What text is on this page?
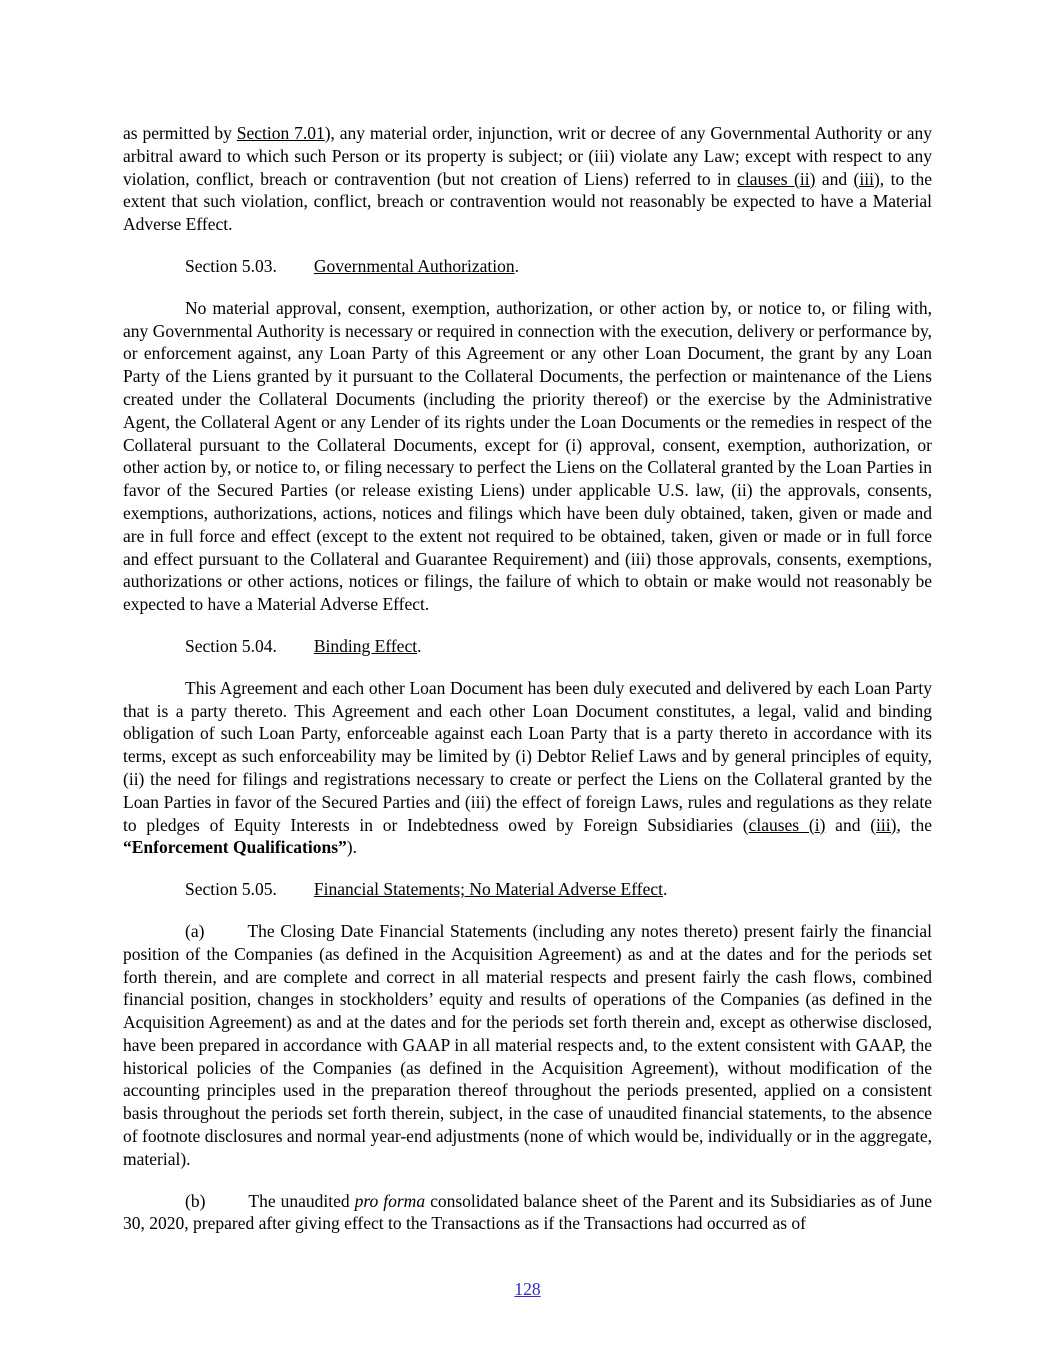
as permitted by Section 7.01), any material order, injunction, writ or decree of any Governmental Authority or any arbitral award to which such Person or its property is subject; or (iii) violate any Law; except with respect to any violation, conflict, breach or contravention (but not creation of Liens) referred to in clauses (ii) and (iii), to the extent that such violation, conflict, breach or contravention would not reasonably be expected to have a Material Adverse Effect.

Section 5.03. Governmental Authorization.

No material approval, consent, exemption, authorization, or other action by, or notice to, or filing with, any Governmental Authority is necessary or required in connection with the execution, delivery or performance by, or enforcement against, any Loan Party of this Agreement or any other Loan Document, the grant by any Loan Party of the Liens granted by it pursuant to the Collateral Documents, the perfection or maintenance of the Liens created under the Collateral Documents (including the priority thereof) or the exercise by the Administrative Agent, the Collateral Agent or any Lender of its rights under the Loan Documents or the remedies in respect of the Collateral pursuant to the Collateral Documents, except for (i) approval, consent, exemption, authorization, or other action by, or notice to, or filing necessary to perfect the Liens on the Collateral granted by the Loan Parties in favor of the Secured Parties (or release existing Liens) under applicable U.S. law, (ii) the approvals, consents, exemptions, authorizations, actions, notices and filings which have been duly obtained, taken, given or made and are in full force and effect (except to the extent not required to be obtained, taken, given or made or in full force and effect pursuant to the Collateral and Guarantee Requirement) and (iii) those approvals, consents, exemptions, authorizations or other actions, notices or filings, the failure of which to obtain or make would not reasonably be expected to have a Material Adverse Effect.

Section 5.04. Binding Effect.

This Agreement and each other Loan Document has been duly executed and delivered by each Loan Party that is a party thereto. This Agreement and each other Loan Document constitutes, a legal, valid and binding obligation of such Loan Party, enforceable against each Loan Party that is a party thereto in accordance with its terms, except as such enforceability may be limited by (i) Debtor Relief Laws and by general principles of equity, (ii) the need for filings and registrations necessary to create or perfect the Liens on the Collateral granted by the Loan Parties in favor of the Secured Parties and (iii) the effect of foreign Laws, rules and regulations as they relate to pledges of Equity Interests in or Indebtedness owed by Foreign Subsidiaries (clauses (i) and (iii), the “Enforcement Qualifications”).

Section 5.05. Financial Statements; No Material Adverse Effect.

(a) The Closing Date Financial Statements (including any notes thereto) present fairly the financial position of the Companies (as defined in the Acquisition Agreement) as and at the dates and for the periods set forth therein, and are complete and correct in all material respects and present fairly the cash flows, combined financial position, changes in stockholders’ equity and results of operations of the Companies (as defined in the Acquisition Agreement) as and at the dates and for the periods set forth therein and, except as otherwise disclosed, have been prepared in accordance with GAAP in all material respects and, to the extent consistent with GAAP, the historical policies of the Companies (as defined in the Acquisition Agreement), without modification of the accounting principles used in the preparation thereof throughout the periods presented, applied on a consistent basis throughout the periods set forth therein, subject, in the case of unaudited financial statements, to the absence of footnote disclosures and normal year-end adjustments (none of which would be, individually or in the aggregate, material).

(b) The unaudited pro forma consolidated balance sheet of the Parent and its Subsidiaries as of June 30, 2020, prepared after giving effect to the Transactions as if the Transactions had occurred as of

128
